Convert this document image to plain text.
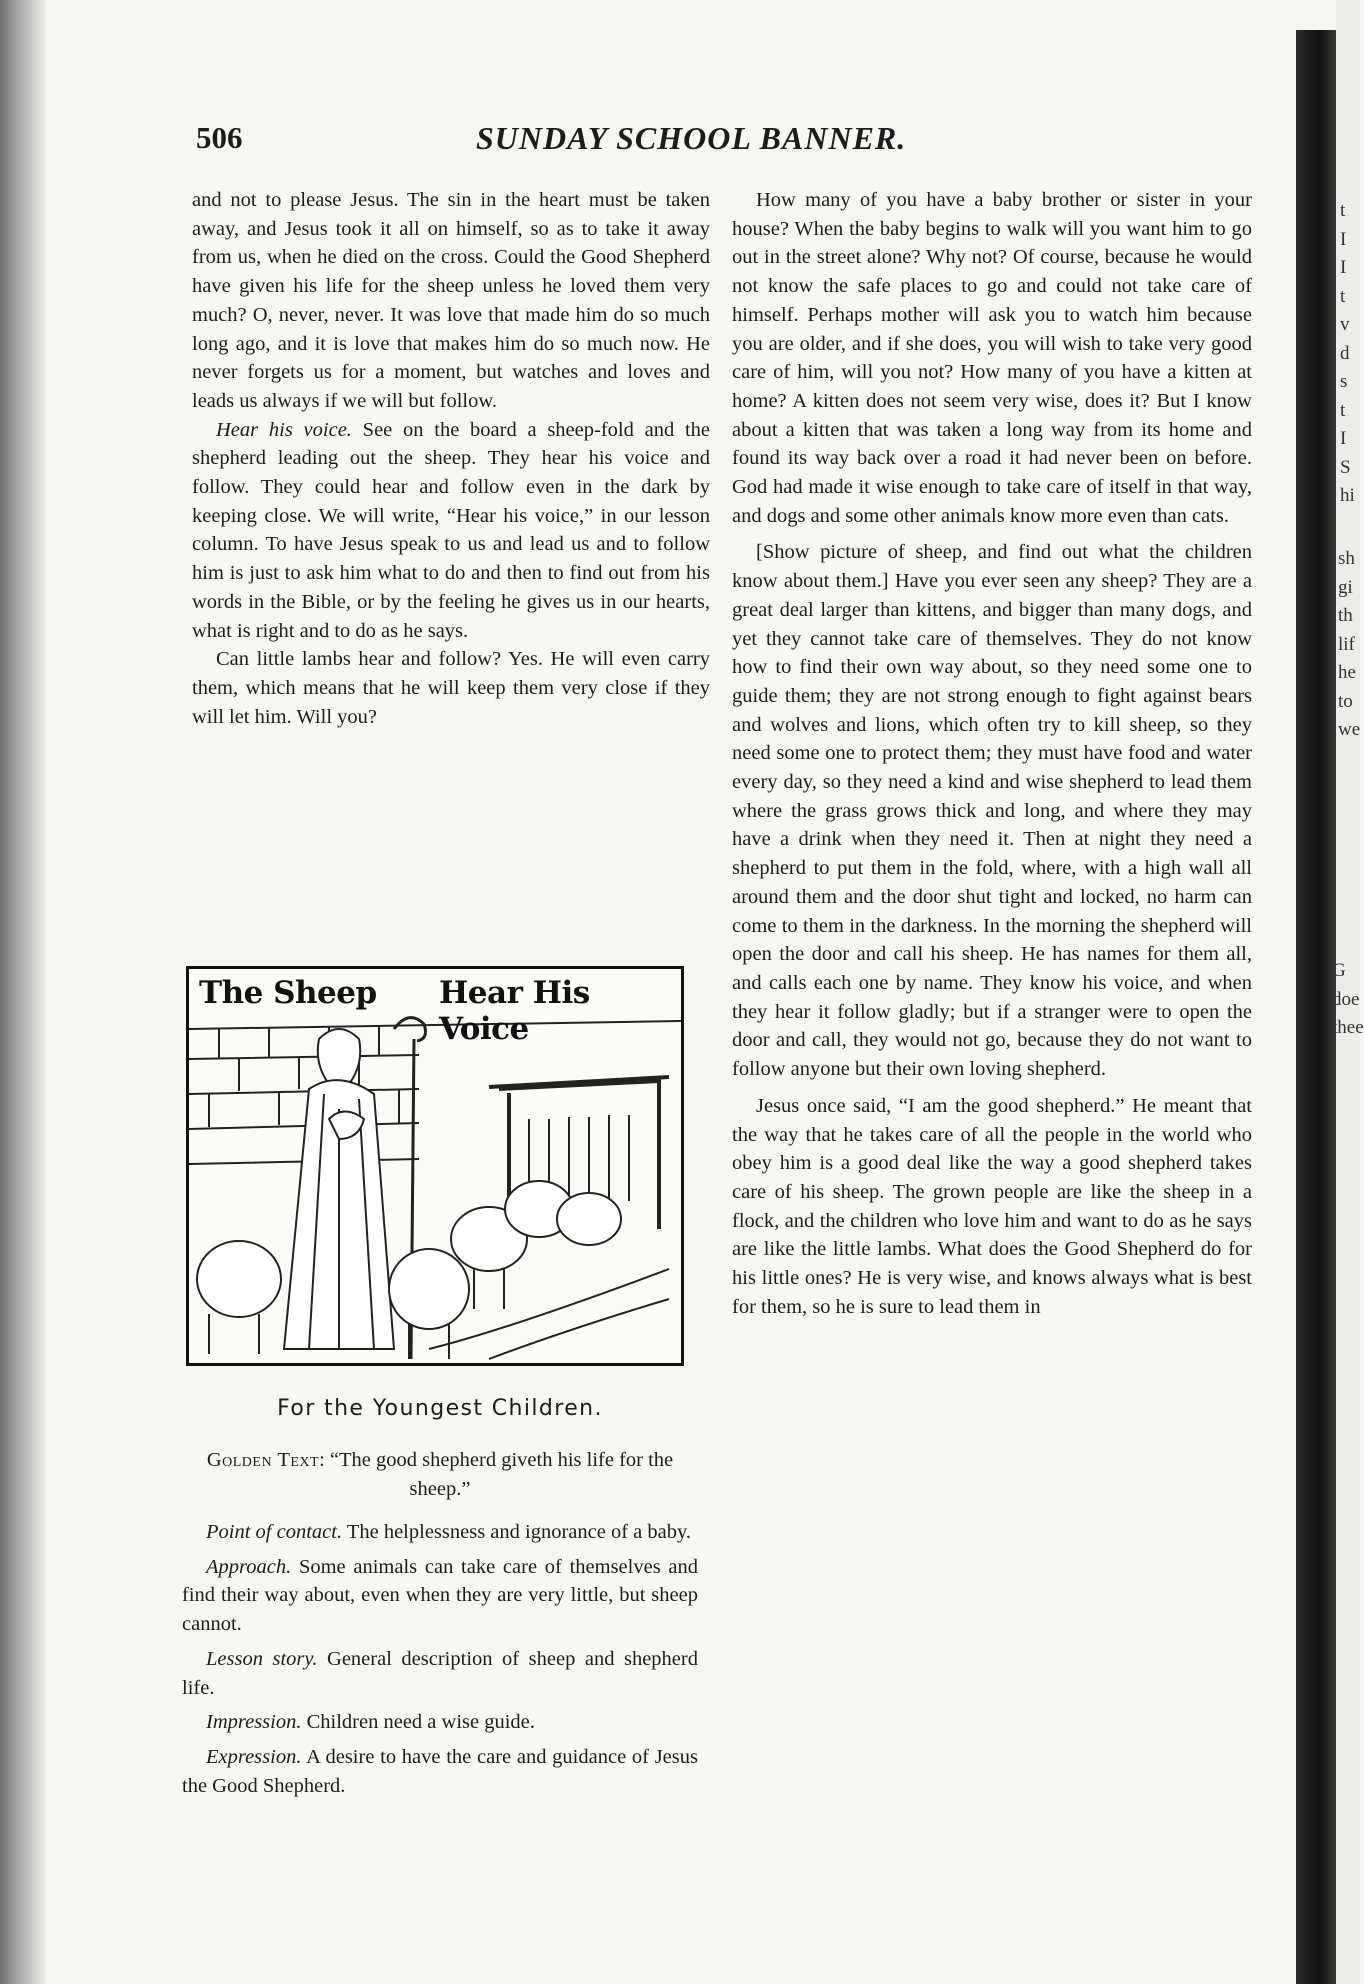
506	SUNDAY SCHOOL BANNER.

and not to please Jesus. The sin in the heart must be taken away, and Jesus took it all on himself, so as to take it away from us, when he died on the cross. Could the Good Shepherd have given his life for the sheep unless he loved them very much? O, never, never. It was love that made him do so much long ago, and it is love that makes him do so much now. He never forgets us for a moment, but watches and loves and leads us always if we will but follow.

Hear his voice. See on the board a sheep-fold and the shepherd leading out the sheep. They hear his voice and follow. They could hear and follow even in the dark by keeping close. We will write, “Hear his voice,” in our lesson column. To have Jesus speak to us and lead us and to follow him is just to ask him what to do and then to find out from his words in the Bible, or by the feeling he gives us in our hearts, what is right and to do as he says.

Can little lambs hear and follow? Yes. He will even carry them, which means that he will keep them very close if they will let him. Will you?

The Sheep Hear His Voice
For the Youngest Children.
Golden Text: “The good shepherd giveth his life for the sheep.”

Point of contact. The helplessness and ignorance of a baby.

Approach. Some animals can take care of themselves and find their way about, even when they are very little, but sheep cannot.

Lesson story. General description of sheep and shepherd life.

Impression. Children need a wise guide.

Expression. A desire to have the care and guidance of Jesus the Good Shepherd.

How many of you have a baby brother or sister in your house? When the baby begins to walk will you want him to go out in the street alone? Why not? Of course, because he would not know the safe places to go and could not take care of himself. Perhaps mother will ask you to watch him because you are older, and if she does, you will wish to take very good care of him, will you not? How many of you have a kitten at home? A kitten does not seem very wise, does it? But I know about a kitten that was taken a long way from its home and found its way back over a road it had never been on before. God had made it wise enough to take care of itself in that way, and dogs and some other animals know more even than cats.

[Show picture of sheep, and find out what the children know about them.] Have you ever seen any sheep? They are a great deal larger than kittens, and bigger than many dogs, and yet they cannot take care of themselves. They do not know how to find their own way about, so they need some one to guide them; they are not strong enough to fight against bears and wolves and lions, which often try to kill sheep, so they need some one to protect them; they must have food and water every day, so they need a kind and wise shepherd to lead them where the grass grows thick and long, and where they may have a drink when they need it. Then at night they need a shepherd to put them in the fold, where, with a high wall all around them and the door shut tight and locked, no harm can come to them in the darkness. In the morning the shepherd will open the door and call his sheep. He has names for them all, and calls each one by name. They know his voice, and when they hear it follow gladly; but if a stranger were to open the door and call, they would not go, because they do not want to follow anyone but their own loving shepherd.

Jesus once said, “I am the good shepherd.” He meant that the way that he takes care of all the people in the world who obey him is a good deal like the way a good shepherd takes care of his sheep. The grown people are like the sheep in a flock, and the children who love him and want to do as he says are like the little lambs. What does the Good Shepherd do for his little ones? He is very wise, and knows always what is best for them, so he is sure to lead them in

t
I
I
t
v
d
s
t
I
S
hi
sh
gi
th
lif
he
to
we
G
doe
thee
